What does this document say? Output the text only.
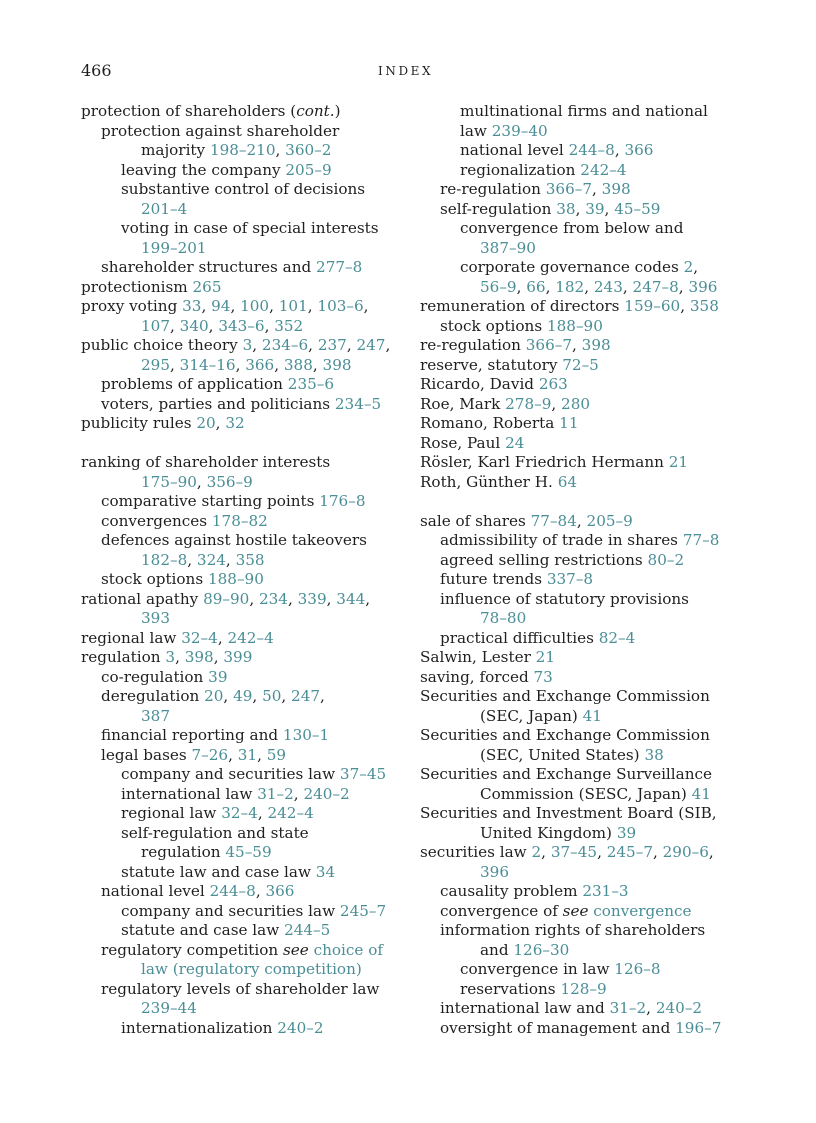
466	INDEX
protection of shareholders (cont.)
protection against shareholder
majority 198–210, 360–2
leaving the company 205–9
substantive control of decisions
201–4
voting in case of special interests
199–201
shareholder structures and 277–8
protectionism 265
proxy voting 33, 94, 100, 101, 103–6,
107, 340, 343–6, 352
public choice theory 3, 234–6, 237, 247,
295, 314–16, 366, 388, 398
problems of application 235–6
voters, parties and politicians 234–5
publicity rules 20, 32
ranking of shareholder interests
175–90, 356–9
comparative starting points 176–8
convergences 178–82
defences against hostile takeovers
182–8, 324, 358
stock options 188–90
rational apathy 89–90, 234, 339, 344,
393
regional law 32–4, 242–4
regulation 3, 398, 399
co-regulation 39
deregulation 20, 49, 50, 247,
387
financial reporting and 130–1
legal bases 7–26, 31, 59
company and securities law 37–45
international law 31–2, 240–2
regional law 32–4, 242–4
self-regulation and state
regulation 45–59
statute law and case law 34
national level 244–8, 366
company and securities law 245–7
statute and case law 244–5
regulatory competition see choice of
law (regulatory competition)
regulatory levels of shareholder law
239–44
internationalization 240–2
multinational firms and national
law 239–40
national level 244–8, 366
regionalization 242–4
re-regulation 366–7, 398
self-regulation 38, 39, 45–59
convergence from below and
387–90
corporate governance codes 2,
56–9, 66, 182, 243, 247–8, 396
remuneration of directors 159–60, 358
stock options 188–90
re-regulation 366–7, 398
reserve, statutory 72–5
Ricardo, David 263
Roe, Mark 278–9, 280
Romano, Roberta 11
Rose, Paul 24
Rösler, Karl Friedrich Hermann 21
Roth, Günther H. 64
sale of shares 77–84, 205–9
admissibility of trade in shares 77–8
agreed selling restrictions 80–2
future trends 337–8
influence of statutory provisions
78–80
practical difficulties 82–4
Salwin, Lester 21
saving, forced 73
Securities and Exchange Commission
(SEC, Japan) 41
Securities and Exchange Commission
(SEC, United States) 38
Securities and Exchange Surveillance
Commission (SESC, Japan) 41
Securities and Investment Board (SIB,
United Kingdom) 39
securities law 2, 37–45, 245–7, 290–6,
396
causality problem 231–3
convergence of see convergence
information rights of shareholders
and 126–30
convergence in law 126–8
reservations 128–9
international law and 31–2, 240–2
oversight of management and 196–7
